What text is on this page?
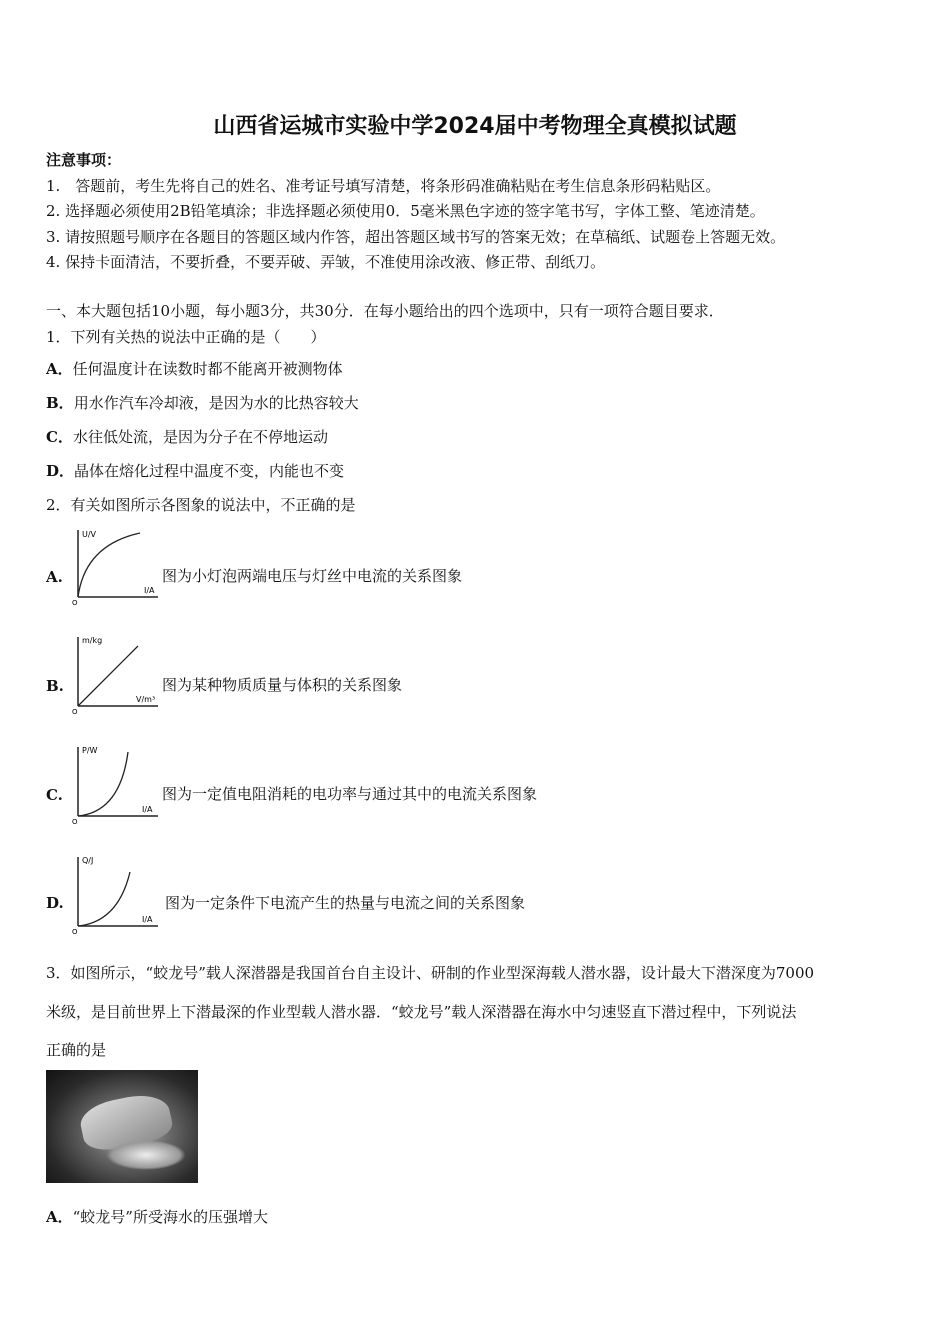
山西省运城市实验中学2024届中考物理全真模拟试题
注意事项：
1.　答题前，考生先将自己的姓名、准考证号填写清楚，将条形码准确粘贴在考生信息条形码粘贴区。
2. 选择题必须使用2B铅笔填涂；非选择题必须使用0．5毫米黑色字迹的签字笔书写，字体工整、笔迹清楚。
3. 请按照题号顺序在各题目的答题区域内作答，超出答题区域书写的答案无效；在草稿纸、试题卷上答题无效。
4. 保持卡面清洁，不要折叠，不要弄破、弄皱，不准使用涂改液、修正带、刮纸刀。
一、本大题包括10小题，每小题3分，共30分．在每小题给出的四个选项中，只有一项符合题目要求．
1．下列有关热的说法中正确的是（　　）
A．任何温度计在读数时都不能离开被测物体
B．用水作汽车冷却液，是因为水的比热容较大
C．水往低处流，是因为分子在不停地运动
D．晶体在熔化过程中温度不变，内能也不变
2．有关如图所示各图象的说法中，不正确的是
A.
U/V
I/A
O
图为小灯泡两端电压与灯丝中电流的关系图象
B.
m/kg
V/m³
O
图为某种物质质量与体积的关系图象
C.
P/W
I/A
O
图为一定值电阻消耗的电功率与通过其中的电流关系图象
D.
Q/J
I/A
O
图为一定条件下电流产生的热量与电流之间的关系图象
3．如图所示，“蛟龙号”载人深潜器是我国首台自主设计、研制的作业型深海载人潜水器，设计最大下潜深度为7000
米级，是目前世界上下潜最深的作业型载人潜水器．“蛟龙号”载人深潜器在海水中匀速竖直下潜过程中，下列说法
正确的是
A．“蛟龙号”所受海水的压强增大
